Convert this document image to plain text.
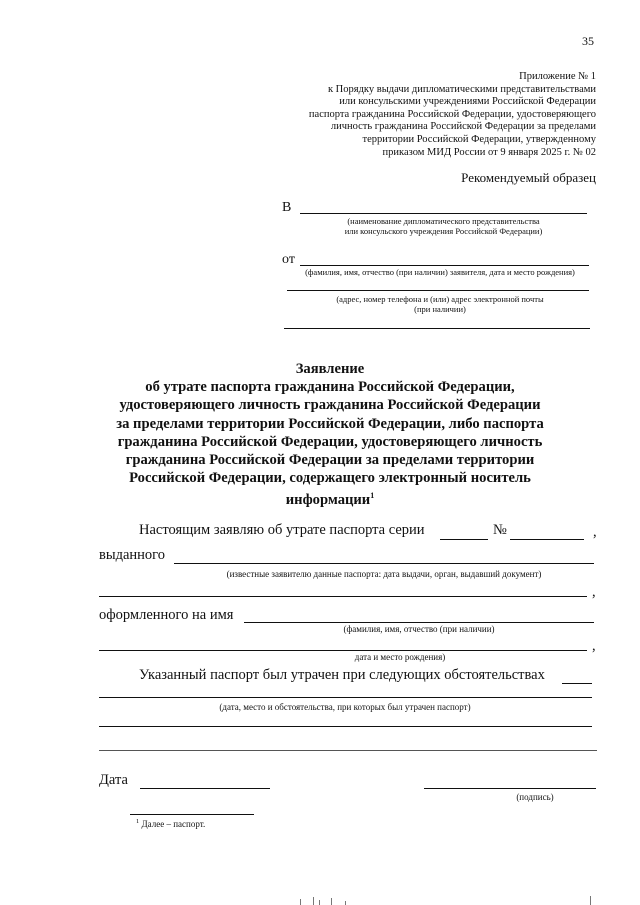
35
Приложение № 1
к Порядку выдачи дипломатическими представительствами
или консульскими учреждениями Российской Федерации
паспорта гражданина Российской Федерации, удостоверяющего
личность гражданина Российской Федерации за пределами
территории Российской Федерации, утвержденному
приказом МИД России от 9 января 2025 г. № 02
Рекомендуемый образец
В
(наименование дипломатического представительства
или консульского учреждения Российской Федерации)
от
(фамилия, имя, отчество (при наличии) заявителя, дата и место рождения)
(адрес, номер телефона и (или) адрес электронной почты
(при наличии)
Заявление
об утрате паспорта гражданина Российской Федерации,
удостоверяющего личность гражданина Российской Федерации
за пределами территории Российской Федерации, либо паспорта
гражданина Российской Федерации, удостоверяющего личность
гражданина Российской Федерации за пределами территории
Российской Федерации, содержащего электронный носитель
информации$^1$
Настоящим заявляю об утрате паспорта серии	№	,
выданного
(известные заявителю данные паспорта: дата выдачи, орган, выдавший документ)
,
оформленного на имя
(фамилия, имя, отчество (при наличии)
,
дата и место рождения)
Указанный паспорт был утрачен при следующих обстоятельствах
(дата, место и обстоятельства, при которых был утрачен паспорт)
Дата
(подпись)
$^1$ Далее – паспорт.
